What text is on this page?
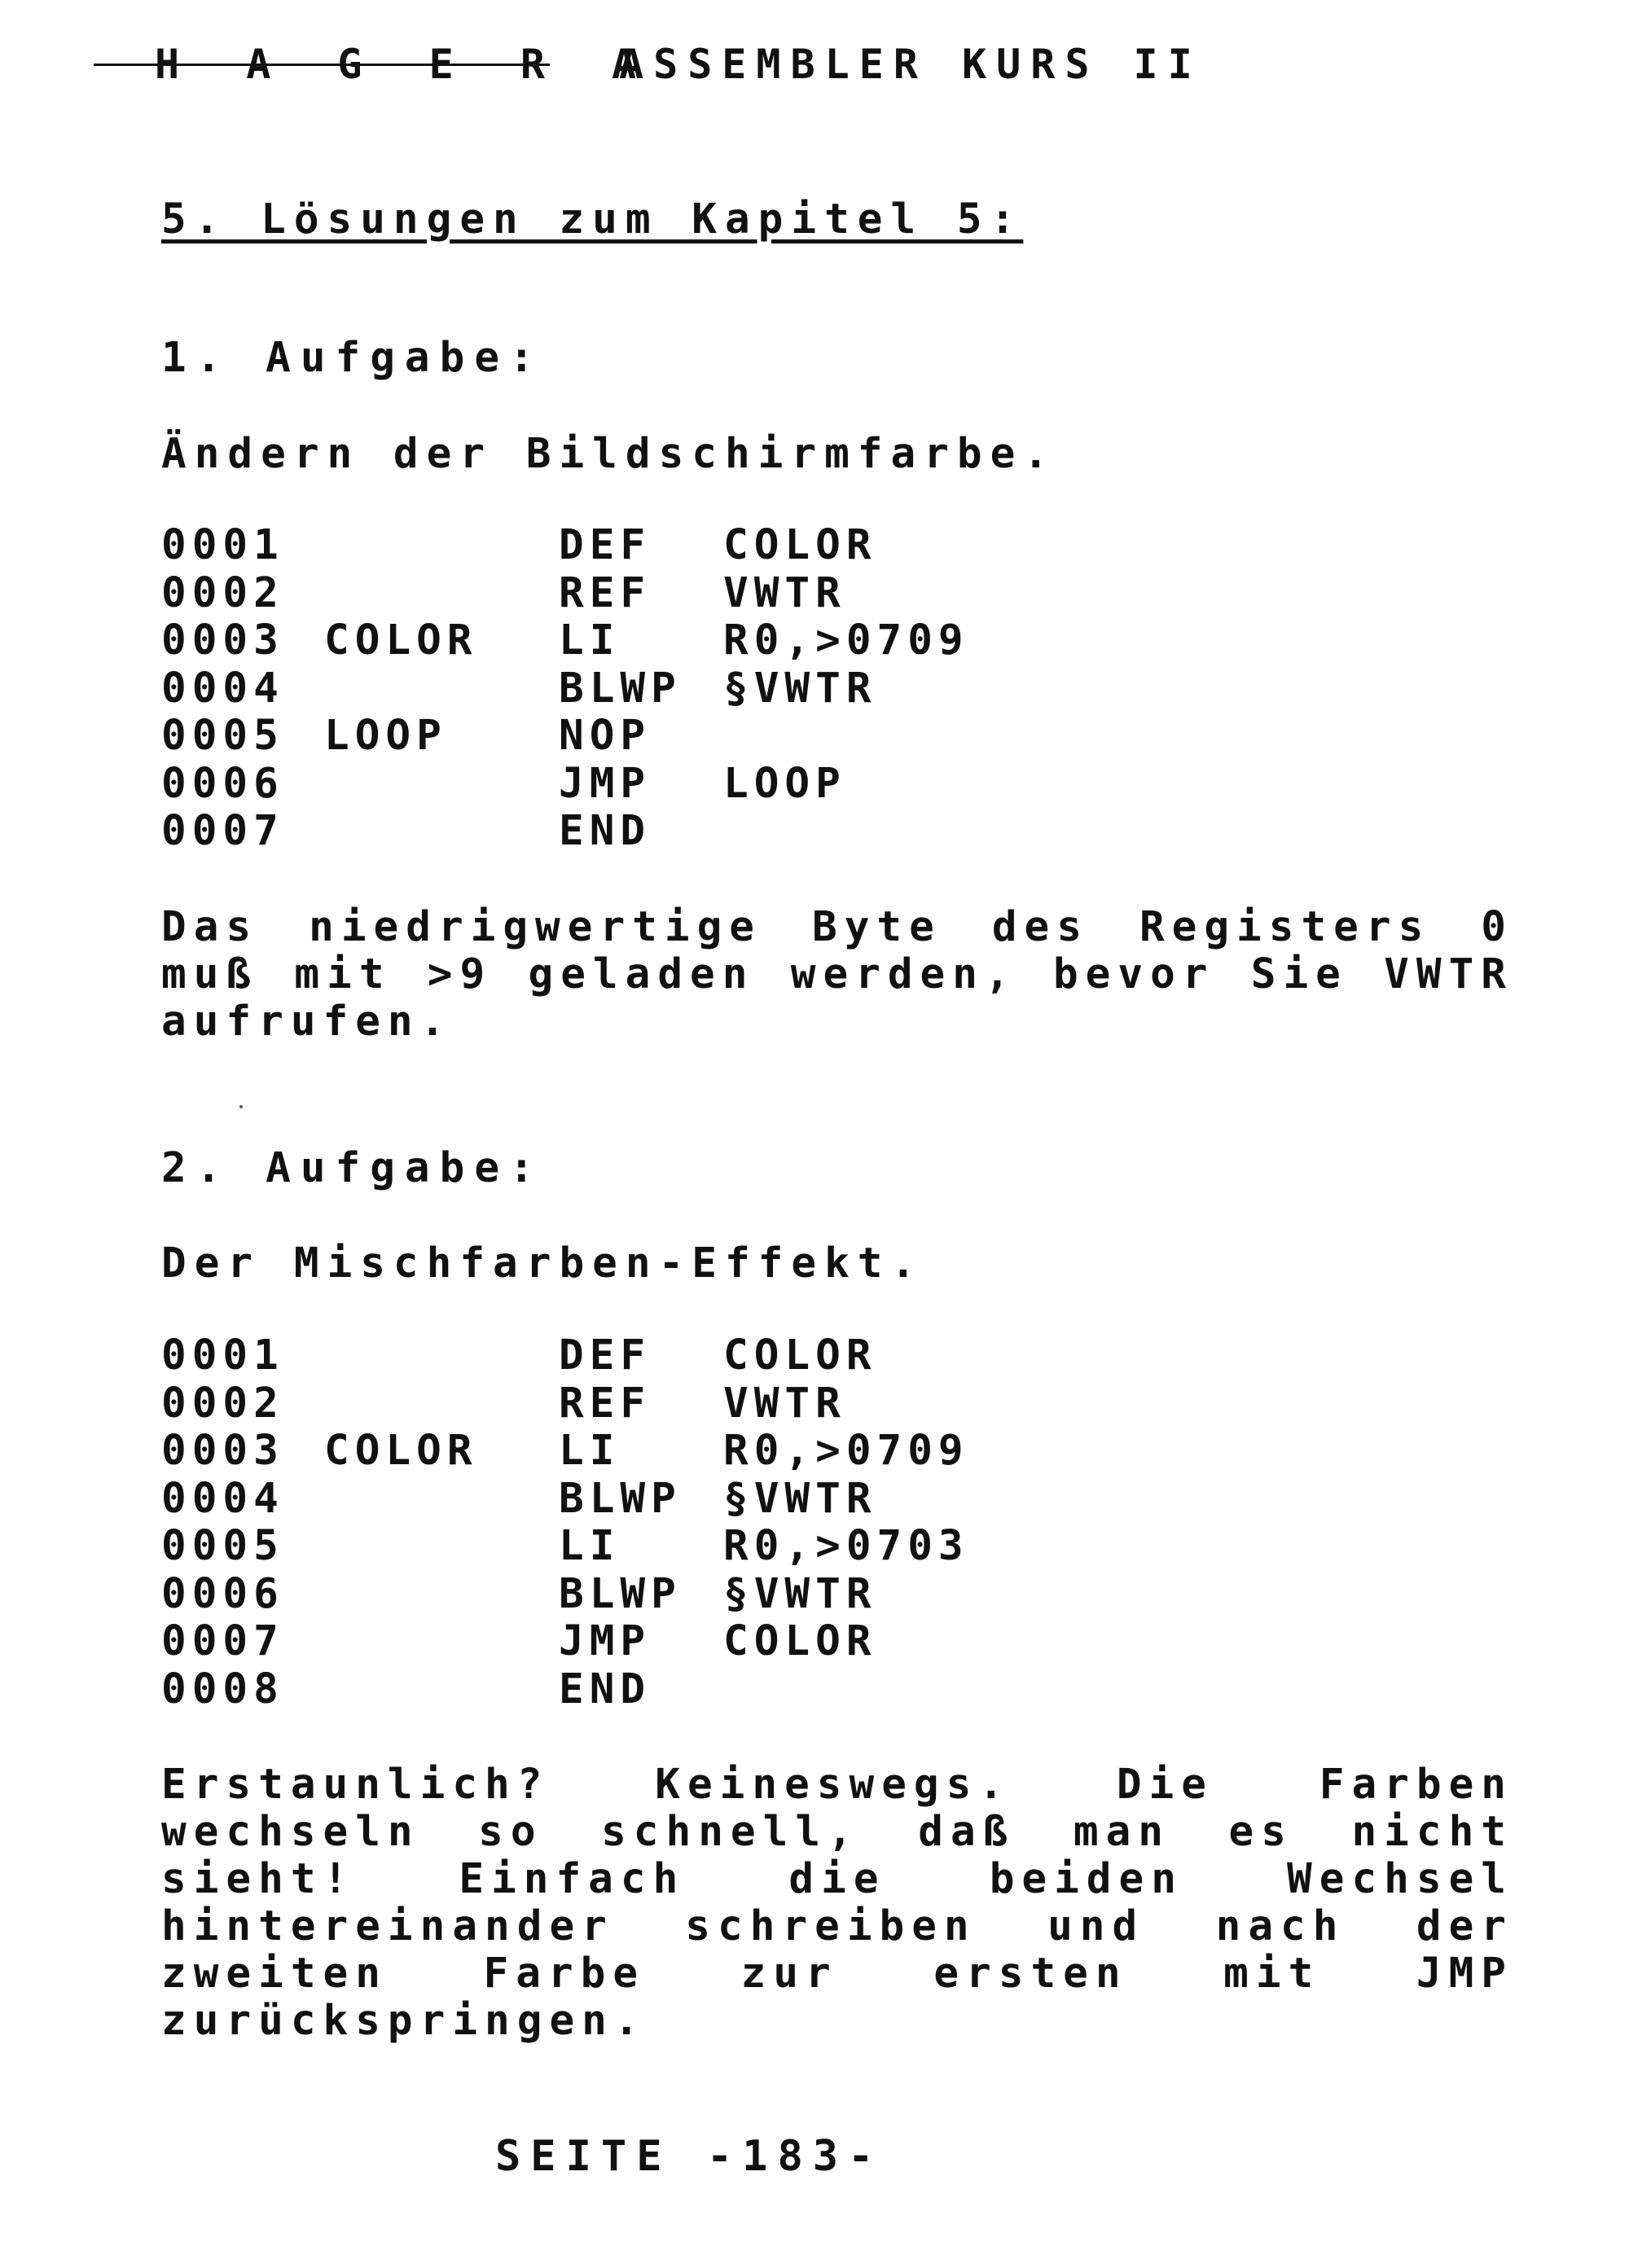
H A G E R A
ASSEMBLER KURS II
5. Lösungen zum Kapitel 5:
1. Aufgabe:
Ändern der Bildschirmfarbe.
0001	DEF COLOR
0002	REF VWTR
0003 COLOR LI R0,>0709
0004	BLWP §VWTR
0005 LOOP	NOP
0006	JMP LOOP
0007	END
Das niedrigwertige Byte des Registers 0
muß mit >9 geladen werden, bevor Sie VWTR
aufrufen.
2. Aufgabe:
Der Mischfarben-Effekt.
0001	DEF COLOR
0002	REF VWTR
0003 COLOR LI R0,>0709
0004	BLWP §VWTR
0005	LI R0,>0703
0006	BLWP §VWTR
0007	JMP COLOR
0008	END
Erstaunlich? Keineswegs. Die Farben
wechseln so schnell, daß man es nicht
sieht! Einfach die beiden Wechsel
hintereinander schreiben und nach der
zweiten Farbe zur ersten mit JMP
zurückspringen.
SEITE -183-
